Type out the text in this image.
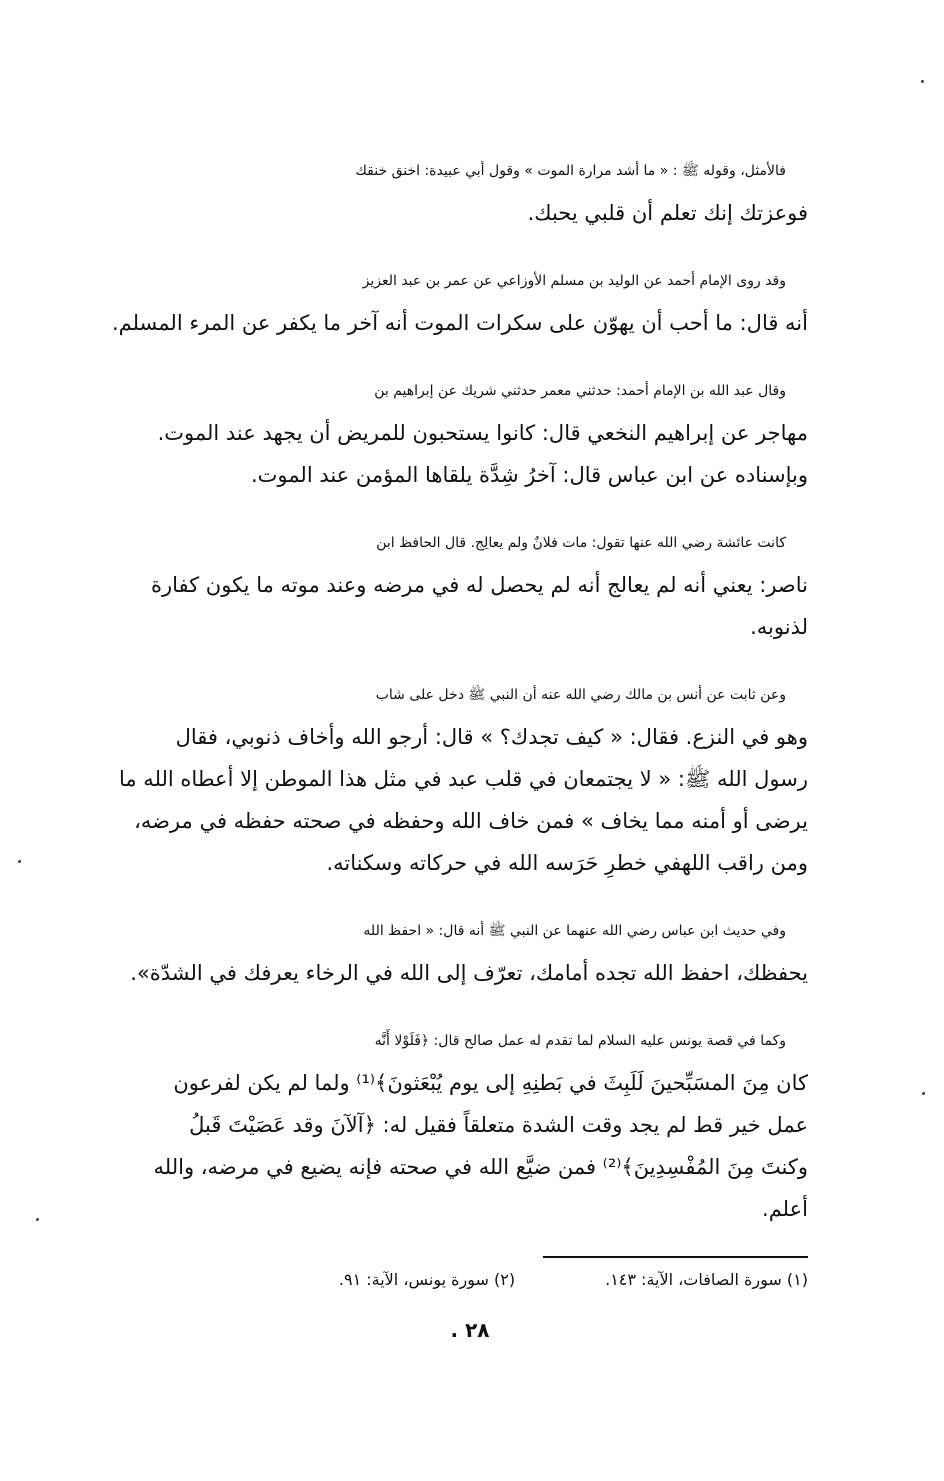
فالأمثل، وقوله ﷺ : « ما أشد مرارة الموت » وقول أبي عبيدة: اخنق خنقك
فوعزتك إنك تعلم أن قلبي يحبك.

وقد روى الإمام أحمد عن الوليد بن مسلم الأوزاعي عن عمر بن عبد العزيز
أنه قال: ما أحب أن يهوّن على سكرات الموت أنه آخر ما يكفر عن المرء المسلم.

وقال عبد الله بن الإمام أحمد: حدثني معمر حدثني شريك عن إبراهيم بن
مهاجر عن إبراهيم النخعي قال: كانوا يستحبون للمريض أن يجهد عند الموت.
وبإسناده عن ابن عباس قال: آخرُ شِدَّة يلقاها المؤمن عند الموت.

كانت عائشة رضي الله عنها تقول: مات فلانٌ ولم يعالِج. قال الحافظ ابن
ناصر: يعني أنه لم يعالج أنه لم يحصل له في مرضه وعند موته ما يكون كفارة
لذنوبه.

وعن ثابت عن أنس بن مالك رضي الله عنه أن النبي ﷺ دخل على شاب
وهو في النزع. فقال: « كيف تجدك؟ » قال: أرجو الله وأخاف ذنوبي، فقال
رسول الله ﷺ: « لا يجتمعان في قلب عبد في مثل هذا الموطن إلا أعطاه الله ما
يرضى أو أمنه مما يخاف » فمن خاف الله وحفظه في صحته حفظه في مرضه،
ومن راقب اللهفي خطرِ حَرَسه الله في حركاته وسكناته.

وفي حديث ابن عباس رضي الله عنهما عن النبي ﷺ أنه قال: « احفظ الله
يحفظك، احفظ الله تجده أمامك، تعرّف إلى الله في الرخاء يعرفك في الشدّة».

وكما في قصة يونس عليه السلام لما تقدم له عمل صالح قال: ﴿فَلَوْلا أَنَّه
كان مِنَ المسَبِّحينَ لَلَبِثَ في بَطنِهِ إلى يوم يُبْعَثونَ﴾⁽¹⁾ ولما لم يكن لفرعون
عمل خير قط لم يجد وقت الشدة متعلقاً فقيل له: ﴿آلآنَ وقد عَصَيْتَ قَبلُ
وكنتَ مِنَ المُفْسِدِينَ﴾⁽²⁾ فمن ضيَّع الله في صحته فإنه يضيع في مرضه، والله
أعلم.

(١) سورة الصافات، الآية: ١٤٣.
(٢) سورة يونس، الآية: ٩١.
٢٨ .
